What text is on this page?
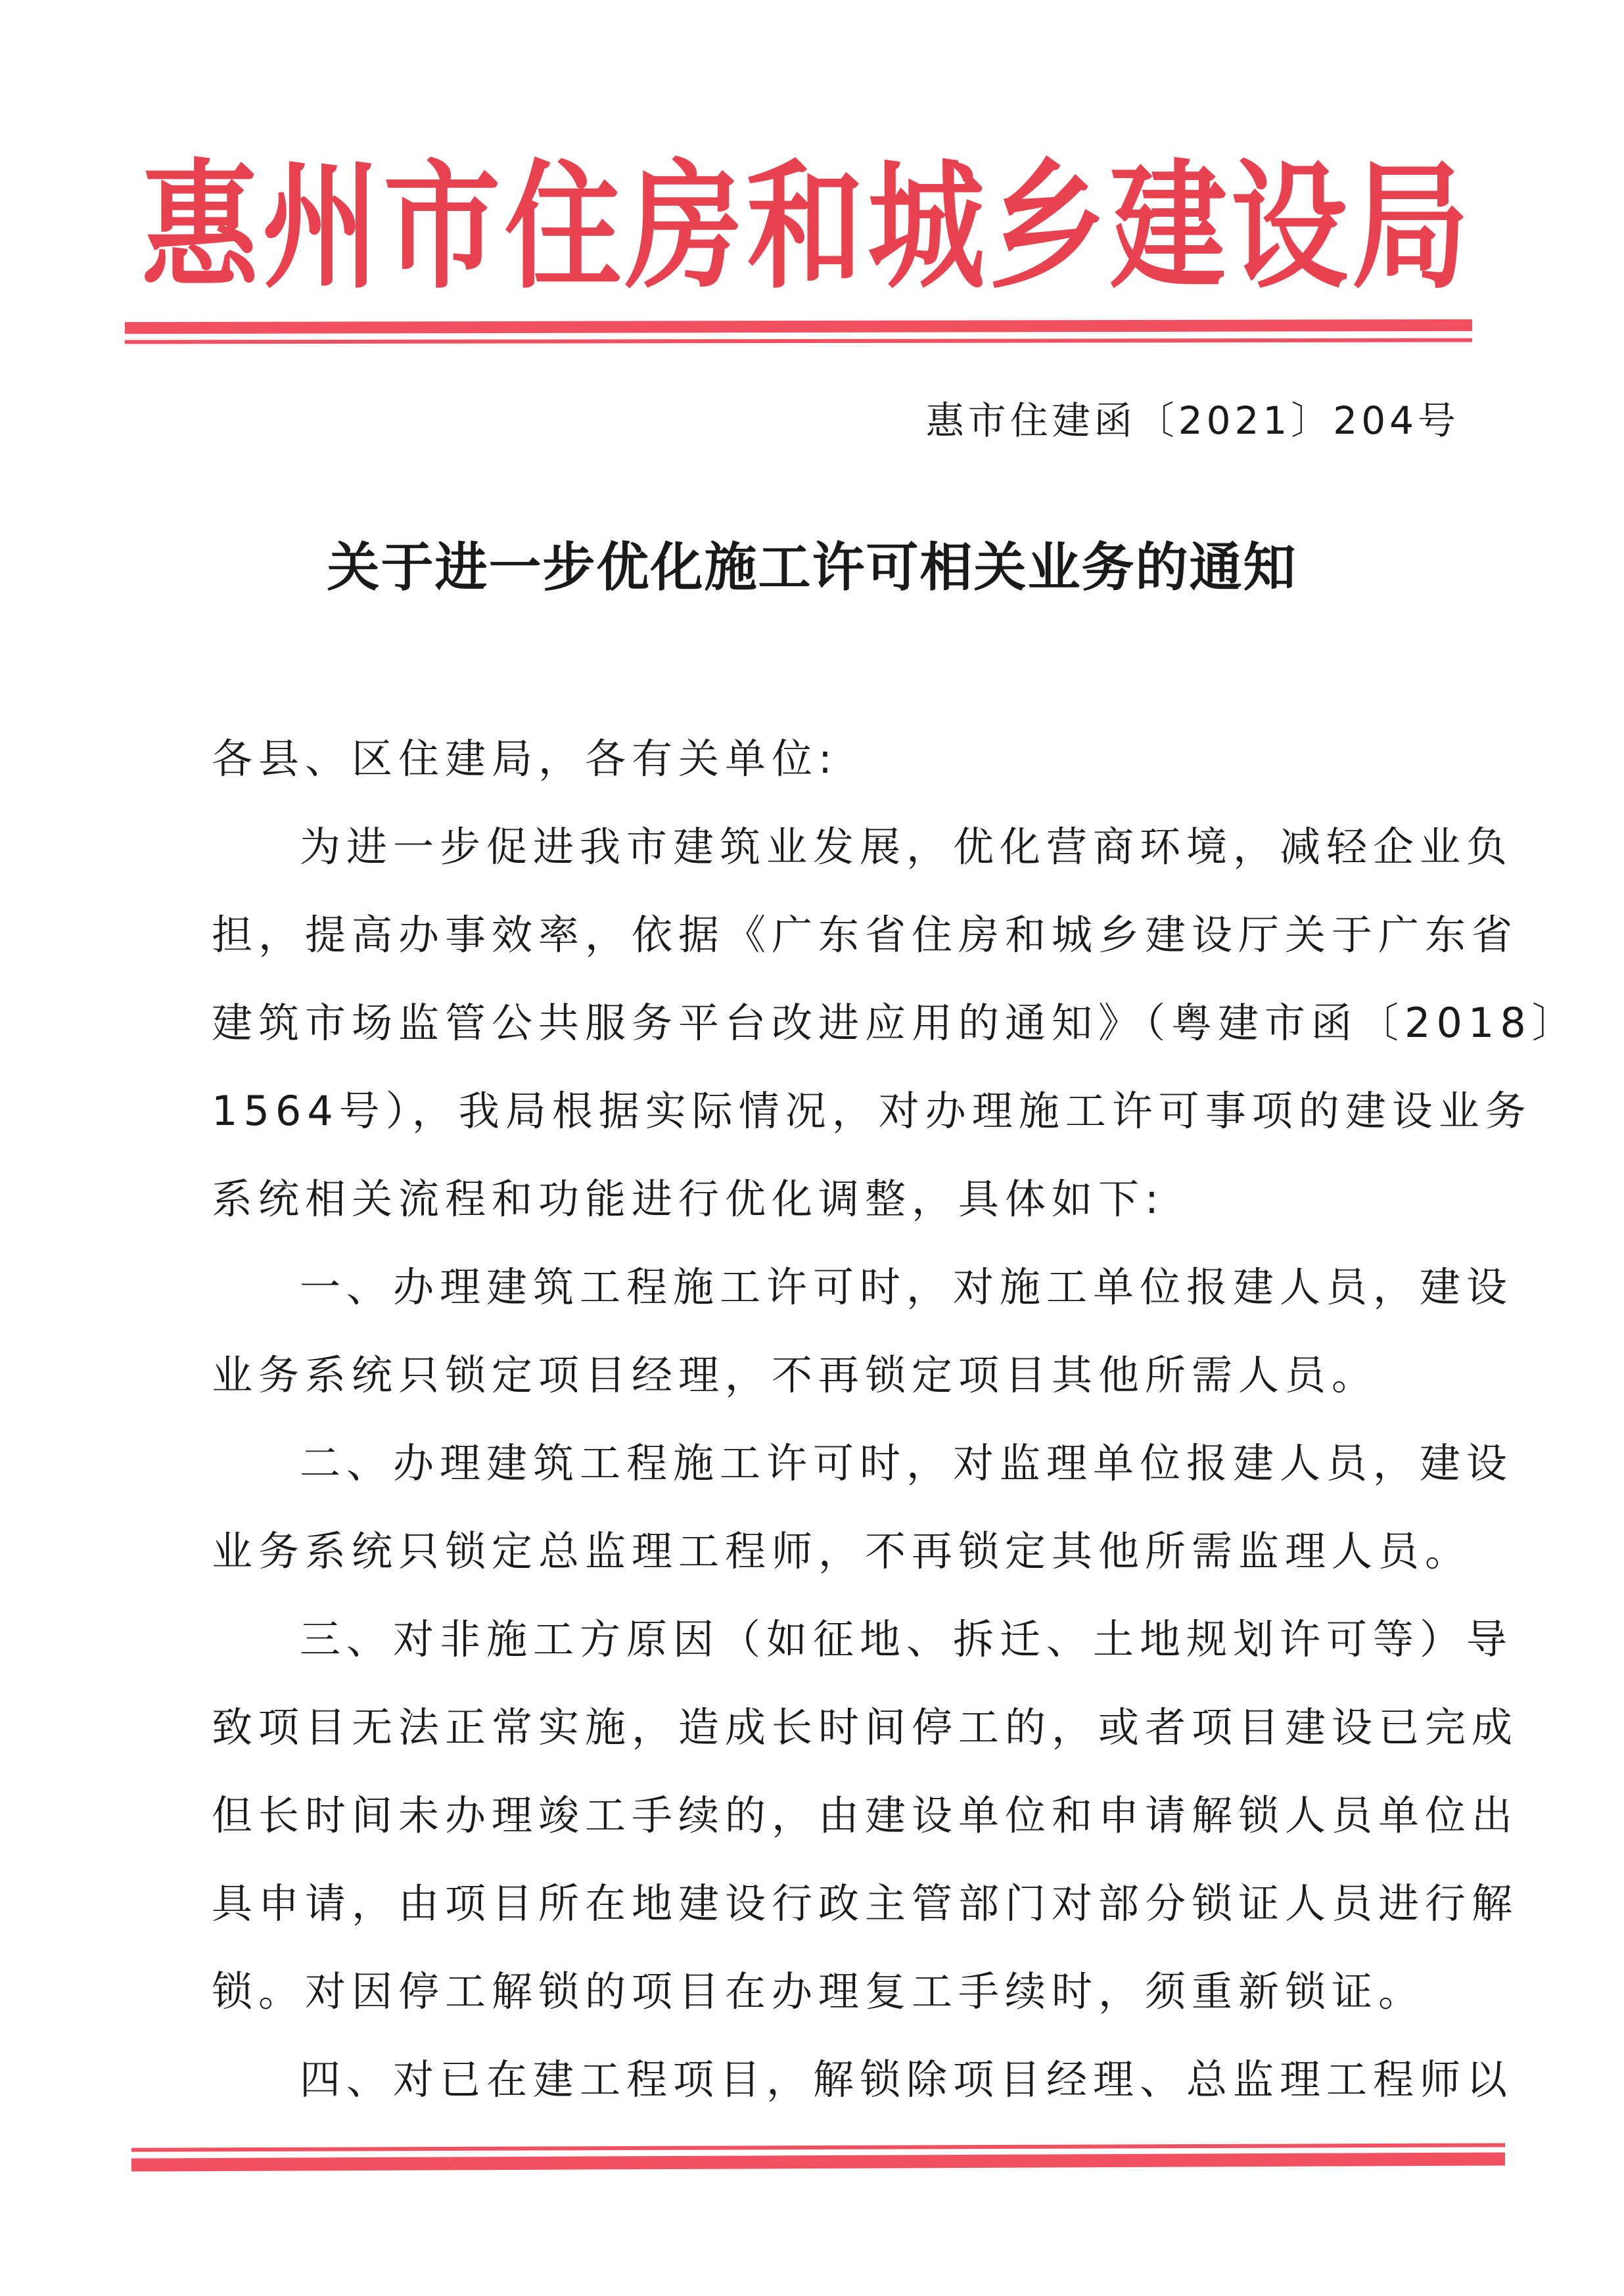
惠 州 市 住 房 和 城 乡 建 设 局
惠市住建函〔2021〕204号
关于进一步优化施工许可相关业务的通知
各县、区住建局，各有关单位:
为进一步促进我市建筑业发展，优化营商环境，减轻企业负
担，提高办事效率，依据《广东省住房和城乡建设厅关于广东省
建筑市场监管公共服务平台改进应用的通知》（粤建市函〔2018〕
1564号），我局根据实际情况，对办理施工许可事项的建设业务
系统相关流程和功能进行优化调整，具体如下:
一、办理建筑工程施工许可时，对施工单位报建人员，建设
业务系统只锁定项目经理，不再锁定项目其他所需人员。
二、办理建筑工程施工许可时，对监理单位报建人员，建设
业务系统只锁定总监理工程师，不再锁定其他所需监理人员。
三、对非施工方原因（如征地、拆迁、土地规划许可等）导
致项目无法正常实施，造成长时间停工的，或者项目建设已完成
但长时间未办理竣工手续的，由建设单位和申请解锁人员单位出
具申请，由项目所在地建设行政主管部门对部分锁证人员进行解
锁。对因停工解锁的项目在办理复工手续时，须重新锁证。
四、对已在建工程项目，解锁除项目经理、总监理工程师以
